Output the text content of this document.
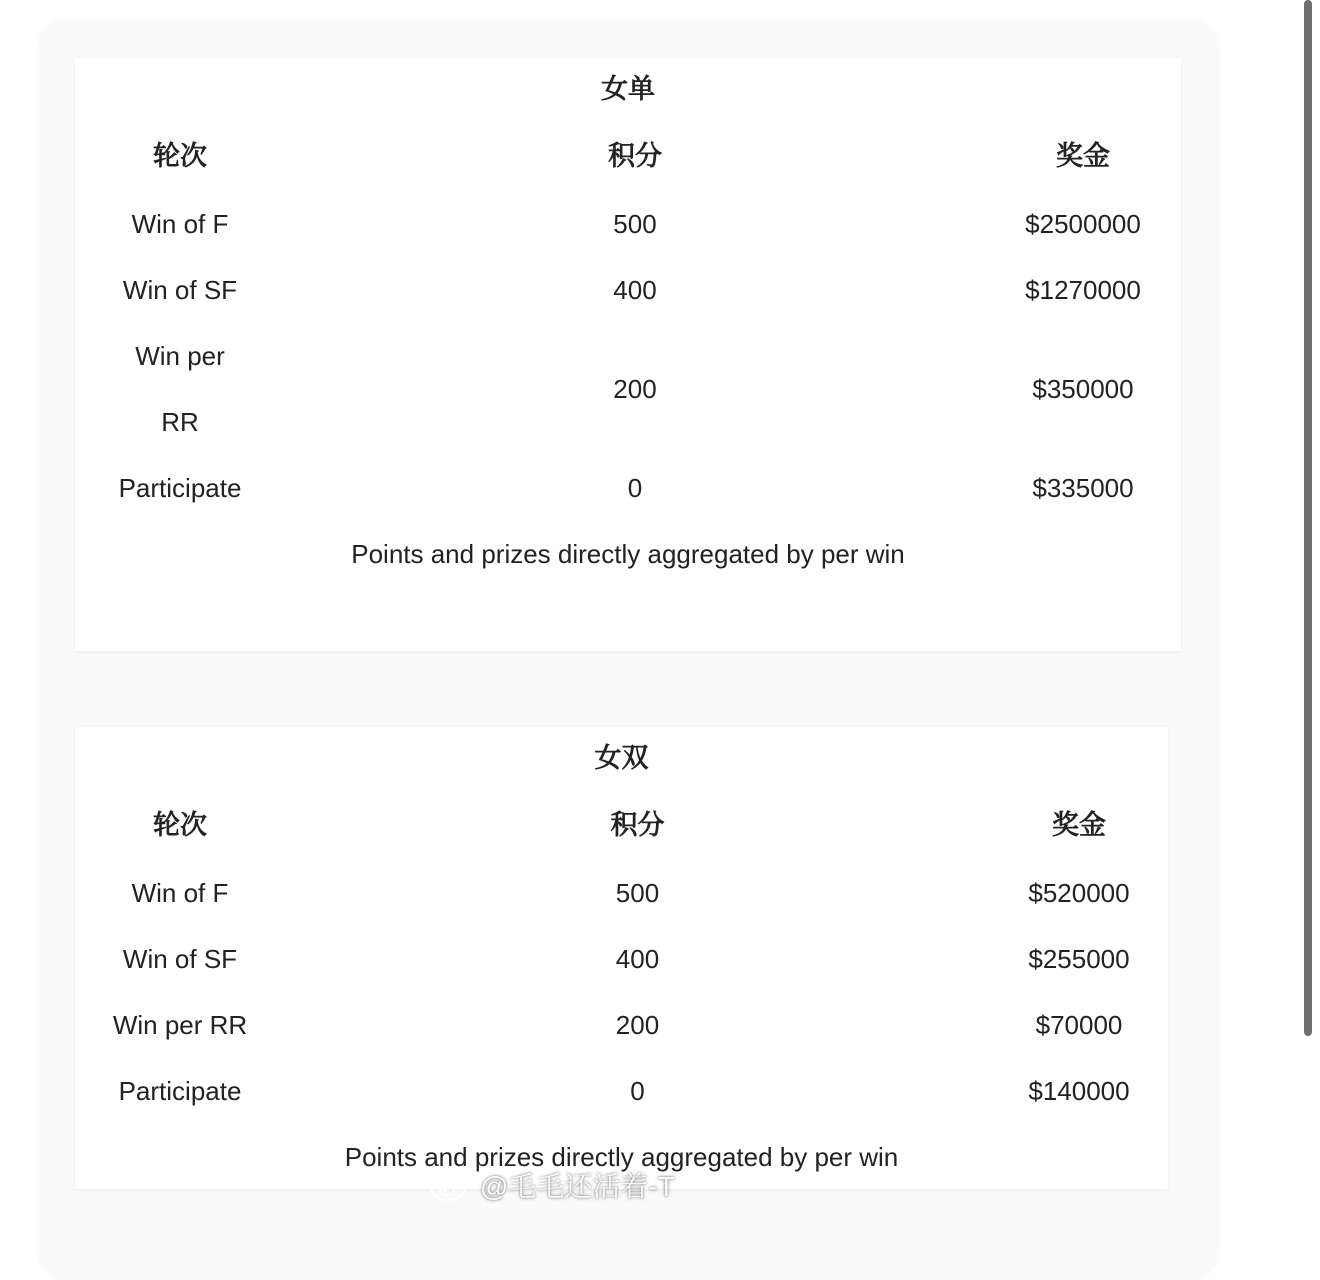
女单		
轮次	积分	奖金
Win of F	500	$2500000
Win of SF	400	$1270000
Win per RR	200	$350000
Participate	0	$335000

Points and prizes directly aggregated by per win		
女双		
轮次	积分	奖金
Win of F	500	$520000
Win of SF	400	$255000
Win per RR	200	$70000
Participate	0	$140000

Points and prizes directly aggregated by per win		
@毛毛还活着-T
